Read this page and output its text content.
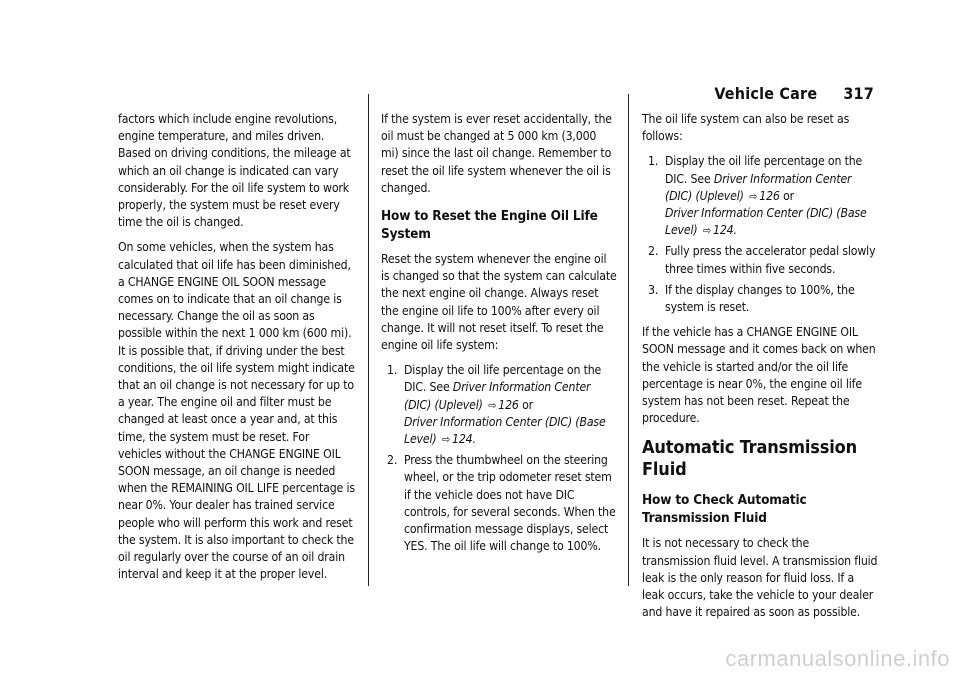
Vehicle Care 317

factors which include engine revolutions, engine temperature, and miles driven. Based on driving conditions, the mileage at which an oil change is indicated can vary considerably. For the oil life system to work properly, the system must be reset every time the oil is changed.

On some vehicles, when the system has calculated that oil life has been diminished, a CHANGE ENGINE OIL SOON message comes on to indicate that an oil change is necessary. Change the oil as soon as possible within the next 1 000 km (600 mi). It is possible that, if driving under the best conditions, the oil life system might indicate that an oil change is not necessary for up to a year. The engine oil and filter must be changed at least once a year and, at this time, the system must be reset. For vehicles without the CHANGE ENGINE OIL SOON message, an oil change is needed when the REMAINING OIL LIFE percentage is near 0%. Your dealer has trained service people who will perform this work and reset the system. It is also important to check the oil regularly over the course of an oil drain interval and keep it at the proper level.

If the system is ever reset accidentally, the oil must be changed at 5 000 km (3,000 mi) since the last oil change. Remember to reset the oil life system whenever the oil is changed.

How to Reset the Engine Oil Life System

Reset the system whenever the engine oil is changed so that the system can calculate the next engine oil change. Always reset the engine oil life to 100% after every oil change. It will not reset itself. To reset the engine oil life system:

1. Display the oil life percentage on the DIC. See Driver Information Center (DIC) (Uplevel) ⇨ 126 or
Driver Information Center (DIC) (Base Level) ⇨ 124.
2. Press the thumbwheel on the steering wheel, or the trip odometer reset stem if the vehicle does not have DIC controls, for several seconds. When the confirmation message displays, select YES. The oil life will change to 100%.

The oil life system can also be reset as follows:

1. Display the oil life percentage on the DIC. See Driver Information Center (DIC) (Uplevel) ⇨ 126 or
Driver Information Center (DIC) (Base Level) ⇨ 124.
2. Fully press the accelerator pedal slowly three times within five seconds.
3. If the display changes to 100%, the system is reset.

If the vehicle has a CHANGE ENGINE OIL SOON message and it comes back on when the vehicle is started and/or the oil life percentage is near 0%, the engine oil life system has not been reset. Repeat the procedure.

Automatic Transmission Fluid
How to Check Automatic Transmission Fluid

It is not necessary to check the transmission fluid level. A transmission fluid leak is the only reason for fluid loss. If a leak occurs, take the vehicle to your dealer and have it repaired as soon as possible.

carmanualsonline.info
